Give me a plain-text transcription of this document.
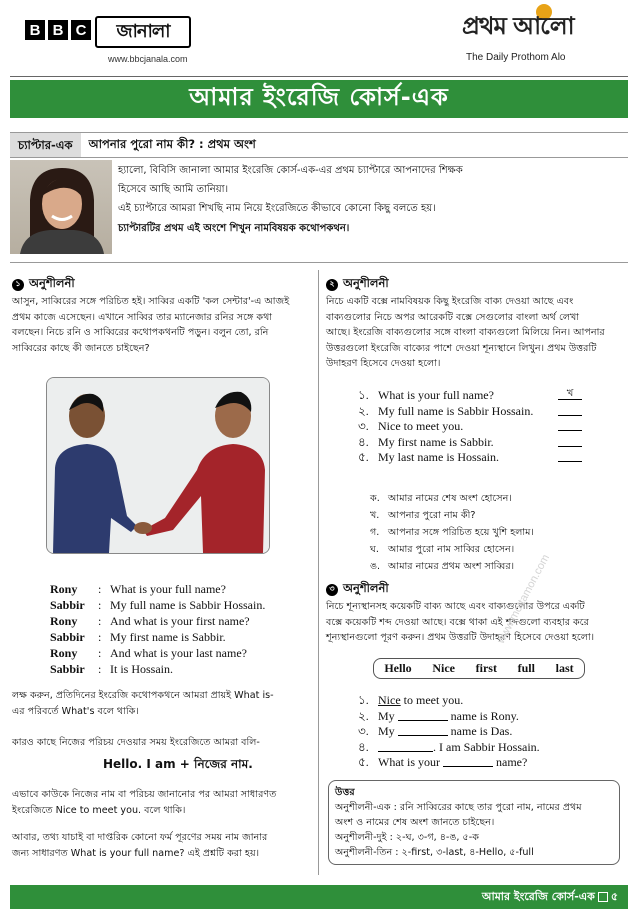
B B C	জানালা
www.bbcjanala.com
প্রথম আলো
The Daily Prothom Alo
আমার ইংরেজি কোর্স-এক
চ্যাপ্টার-এক	আপনার পুরো নাম কী? : প্রথম অংশ

হ্যালো, বিবিসি জানালা আমার ইংরেজি কোর্স-এক-এর প্রথম চ্যাপ্টারে আপনাদের শিক্ষক

হিসেবে আছি আমি তানিয়া।

এই চ্যাপ্টারে আমরা শিখছি নাম নিয়ে ইংরেজিতে কীভাবে কোনো কিছু বলতে হয়।

চ্যাপ্টারটির প্রথম এই অংশে শিখুন নামবিষয়ক কথোপকথন।

১ অনুশীলনী

আসুন, সাব্বিরের সঙ্গে পরিচিত হই। সাব্বির একটি 'কল সেন্টার'-এ আজই

প্রথম কাজে এসেছেন। এখানে সাব্বির তার ম্যানেজার রনির সঙ্গে কথা

বলছেন। নিচে রনি ও সাব্বিরের কথোপকথনটি পড়ুন। বলুন তো, রনি

সাব্বিরের কাছে কী জানতে চাইছেন?

Rony	: What is your full name?
Sabbir	: My full name is Sabbir Hossain.
Rony	: And what is your first name?
Sabbir	: My first name is Sabbir.
Rony	: And what is your last name?
Sabbir	: It is Hossain.

লক্ষ করুন, প্রতিদিনের ইংরেজি কথোপকথনে আমরা প্রায়ই What is-

এর পরিবর্তে What's বলে থাকি।

কারও কাছে নিজের পরিচয় দেওয়ার সময় ইংরেজিতে আমরা বলি-

Hello. I am + নিজের নাম.

এভাবে কাউকে নিজের নাম বা পরিচয় জানানোর পর আমরা সাধারণত

ইংরেজিতে Nice to meet you. বলে থাকি।

আবার, তথ্য যাচাই বা দাপ্তরিক কোনো ফর্ম পূরণের সময় নাম জানার

জন্য সাধারণত What is your full name? এই প্রশ্নটি করা হয়।

২ অনুশীলনী

নিচে একটি বক্সে নামবিষয়ক কিছু ইংরেজি বাক্য দেওয়া আছে এবং

বাক্যগুলোর নিচে অপর আরেকটি বক্সে সেগুলোর বাংলা অর্থ লেখা

আছে। ইংরেজি বাক্যগুলোর সঙ্গে বাংলা বাক্যগুলো মিলিয়ে নিন। আপনার

উত্তরগুলো ইংরেজি বাক্যের পাশে দেওয়া শূন্যস্থানে লিখুন। প্রথম উত্তরটি

উদাহরণ হিসেবে দেওয়া হলো।

১. What is your full name?	খ
২. My full name is Sabbir Hossain.
৩. Nice to meet you.
৪. My first name is Sabbir.
৫. My last name is Hossain.
ক. আমার নামের শেষ অংশ হোসেন।
খ. আপনার পুরো নাম কী?
গ. আপনার সঙ্গে পরিচিত হয়ে খুশি হলাম।
ঘ. আমার পুরো নাম সাব্বির হোসেন।
ঙ. আমার নামের প্রথম অংশ সাব্বির।
৩ অনুশীলনী

নিচে শূন্যস্থানসহ কয়েকটি বাক্য আছে এবং বাক্যগুলোর উপরে একটি

বক্সে কয়েকটি শব্দ দেওয়া আছে। বক্সে থাকা এই শব্দগুলো ব্যবহার করে

শূন্যস্থানগুলো পূরণ করুন। প্রথম উত্তরটি উদাহরণ হিসেবে দেওয়া হলো।

Hello Nice first full last
১. Nice to meet you.
২. My	name is Rony.
৩. My	name is Das.
৪.	. I am Sabbir Hossain.
৫. What is your	name?
www.mottamon.com

উত্তর

অনুশীলনী-এক : রনি সাব্বিরের কাছে তার পুরো নাম, নামের প্রথম

অংশ ও নামের শেষ অংশ জানতে চাইছেন।

অনুশীলনী-দুই : ২-ঘ, ৩-গ, ৪-ঙ, ৫-ক

অনুশীলনী-তিন : ২-first, ৩-last, ৪-Hello, ৫-full

আমার ইংরেজি কোর্স-এক ৫
